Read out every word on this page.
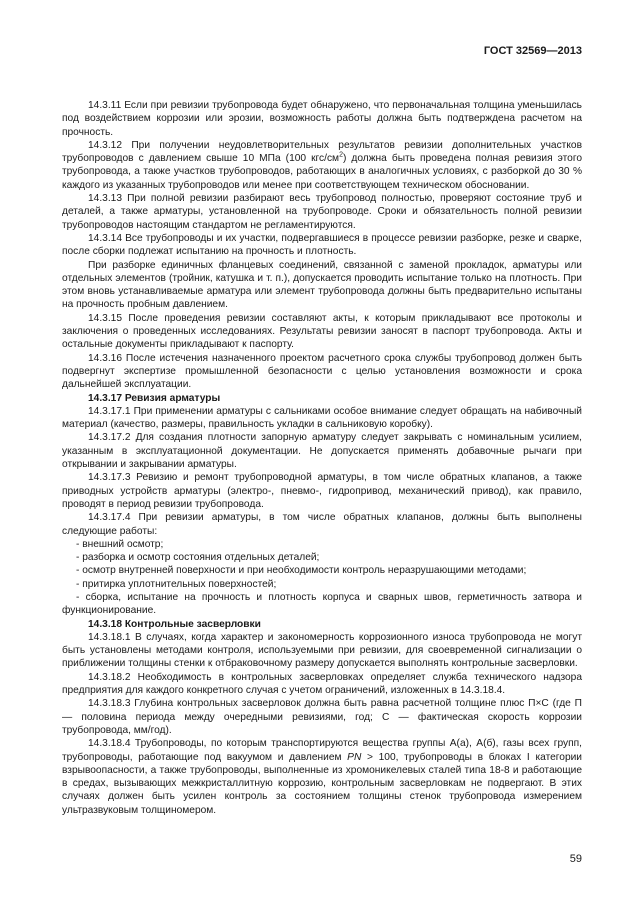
ГОСТ 32569—2013

14.3.11 Если при ревизии трубопровода будет обнаружено, что первоначальная толщина уменьшилась под воздействием коррозии или эрозии, возможность работы должна быть подтверждена расчетом на прочность.

14.3.12 При получении неудовлетворительных результатов ревизии дополнительных участков трубопроводов с давлением свыше 10 МПа (100 кгс/$см^2$) должна быть проведена полная ревизия этого трубопровода, а также участков трубопроводов, работающих в аналогичных условиях, с разборкой до 30 % каждого из указанных трубопроводов или менее при соответствующем техническом обосновании.

14.3.13 При полной ревизии разбирают весь трубопровод полностью, проверяют состояние труб и деталей, а также арматуры, установленной на трубопроводе. Сроки и обязательность полной ревизии трубопроводов настоящим стандартом не регламентируются.

14.3.14 Все трубопроводы и их участки, подвергавшиеся в процессе ревизии разборке, резке и сварке, после сборки подлежат испытанию на прочность и плотность.

При разборке единичных фланцевых соединений, связанной с заменой прокладок, арматуры или отдельных элементов (тройник, катушка и т. п.), допускается проводить испытание только на плотность. При этом вновь устанавливаемые арматура или элемент трубопровода должны быть предварительно испытаны на прочность пробным давлением.

14.3.15 После проведения ревизии составляют акты, к которым прикладывают все протоколы и заключения о проведенных исследованиях. Результаты ревизии заносят в паспорт трубопровода. Акты и остальные документы прикладывают к паспорту.

14.3.16 После истечения назначенного проектом расчетного срока службы трубопровод должен быть подвергнут экспертизе промышленной безопасности с целью установления возможности и срока дальнейшей эксплуатации.

14.3.17 Ревизия арматуры

14.3.17.1 При применении арматуры с сальниками особое внимание следует обращать на набивочный материал (качество, размеры, правильность укладки в сальниковую коробку).

14.3.17.2 Для создания плотности запорную арматуру следует закрывать с номинальным усилием, указанным в эксплуатационной документации. Не допускается применять добавочные рычаги при открывании и закрывании арматуры.

14.3.17.3 Ревизию и ремонт трубопроводной арматуры, в том числе обратных клапанов, а также приводных устройств арматуры (электро-, пневмо-, гидропривод, механический привод), как правило, проводят в период ревизии трубопровода.

14.3.17.4 При ревизии арматуры, в том числе обратных клапанов, должны быть выполнены следующие работы:

- внешний осмотр;

- разборка и осмотр состояния отдельных деталей;

- осмотр внутренней поверхности и при необходимости контроль неразрушающими методами;

- притирка уплотнительных поверхностей;

- сборка, испытание на прочность и плотность корпуса и сварных швов, герметичность затвора и функционирование.

14.3.18 Контрольные засверловки

14.3.18.1 В случаях, когда характер и закономерность коррозионного износа трубопровода не могут быть установлены методами контроля, используемыми при ревизии, для своевременной сигнализации о приближении толщины стенки к отбраковочному размеру допускается выполнять контрольные засверловки.

14.3.18.2 Необходимость в контрольных засверловках определяет служба технического надзора предприятия для каждого конкретного случая с учетом ограничений, изложенных в 14.3.18.4.

14.3.18.3 Глубина контрольных засверловок должна быть равна расчетной толщине плюс П×С (где П — половина периода между очередными ревизиями, год; С — фактическая скорость коррозии трубопровода, мм/год).

14.3.18.4 Трубопроводы, по которым транспортируются вещества группы А(а), А(б), газы всех групп, трубопроводы, работающие под вакуумом и давлением PN > 100, трубопроводы в блоках I категории взрывоопасности, а также трубопроводы, выполненные из хромоникелевых сталей типа 18-8 и работающие в средах, вызывающих межкристаллитную коррозию, контрольным засверловкам не подвергают. В этих случаях должен быть усилен контроль за состоянием толщины стенок трубопровода измерением ультразвуковым толщиномером.

59
